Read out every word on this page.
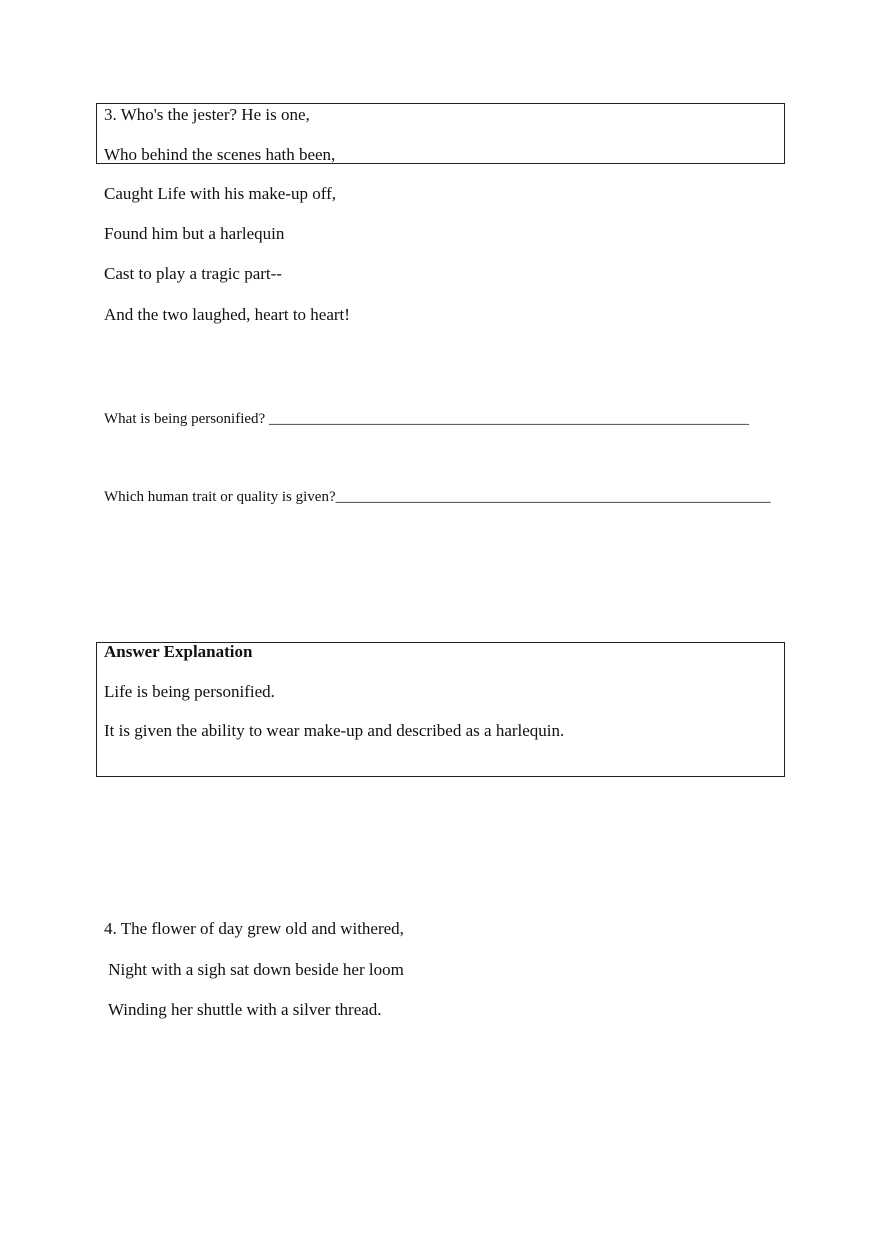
3. Who's the jester? He is one,
Who behind the scenes hath been,
Caught Life with his make-up off,
Found him but a harlequin
Cast to play a tragic part--
And the two laughed, heart to heart!
What is being personified? ________________________________________________________________
Which human trait or quality is given?__________________________________________________________
Answer Explanation
Life is being personified.
It is given the ability to wear make-up and described as a harlequin.
4. The flower of day grew old and withered,
Night with a sigh sat down beside her loom
Winding her shuttle with a silver thread.
